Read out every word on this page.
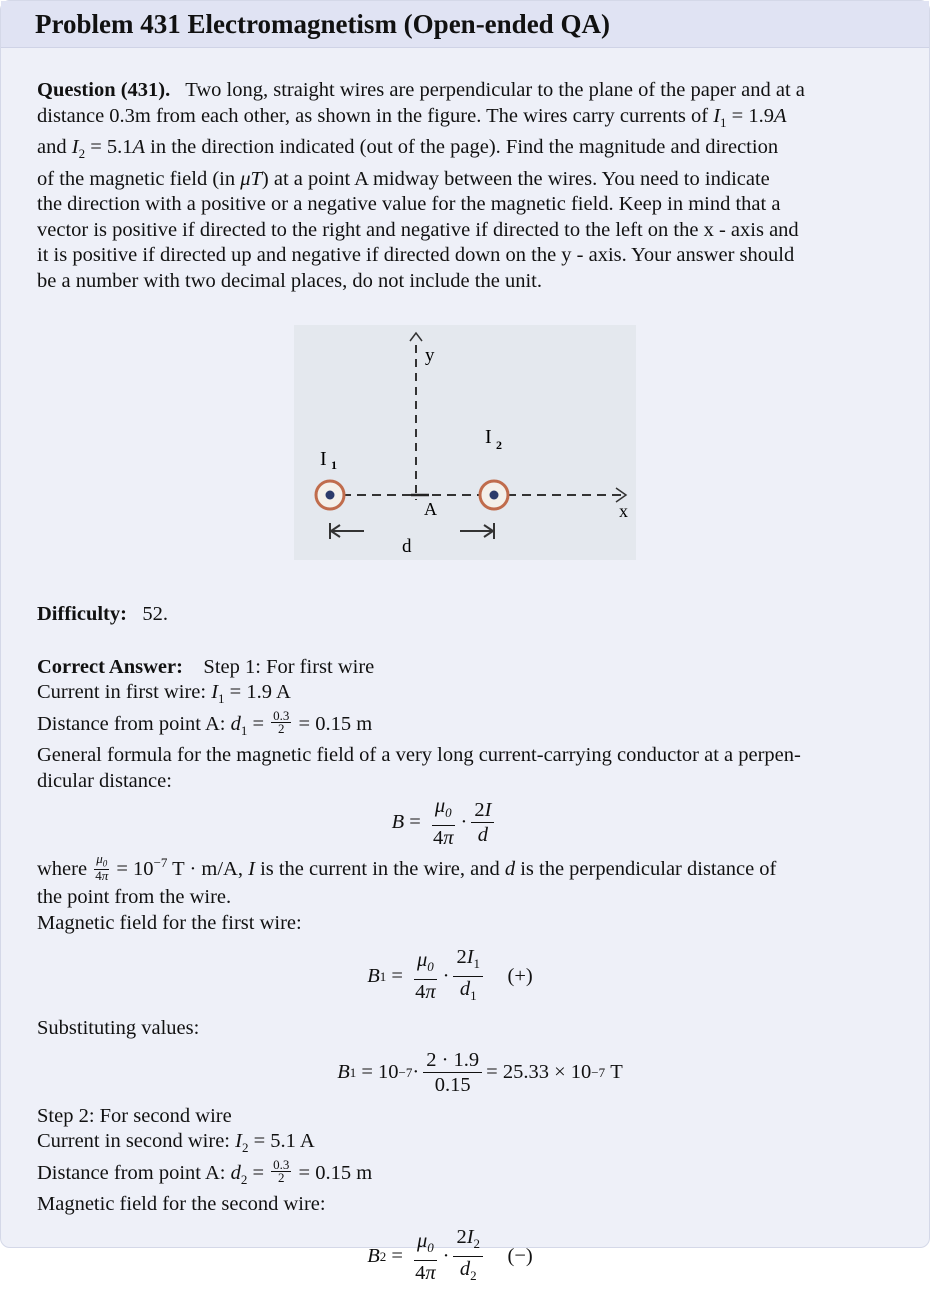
Problem 431 Electromagnetism (Open-ended QA)

Question (431). Two long, straight wires are perpendicular to the plane of the paper and at a

distance 0.3m from each other, as shown in the figure. The wires carry currents of $I_1 = 1.9A$

and $I_2 = 5.1A$ in the direction indicated (out of the page). Find the magnitude and direction

of the magnetic field (in μT) at a point A midway between the wires. You need to indicate

the direction with a positive or a negative value for the magnetic field. Keep in mind that a

vector is positive if directed to the right and negative if directed to the left on the x - axis and

it is positive if directed up and negative if directed down on the y - axis. Your answer should

be a number with two decimal places, do not include the unit.

y
x
I 1
I 2
A
d

Difficulty: 52.

Correct Answer: Step 1: For first wire

Current in first wire: $I_1 = 1.9$ A

Distance from point A: $d_1 = \frac{0.3}{2} = 0.15$ m

General formula for the magnetic field of a very long current-carrying conductor at a perpen-

dicular distance:

$B = \frac{\mu_0}{4\pi} \cdot \frac{2I}{d}$

where $\frac{\mu_0}{4\pi} = 10^{-7}$ T · m/A, I is the current in the wire, and d is the perpendicular distance of

the point from the wire.

Magnetic field for the first wire:

B $1 = \frac{\mu_0}{4\pi} \cdot \frac{2I_1}{d_1}$
(+)

Substituting values:

B $1 = 10 -7 \cdot \frac{2 \cdot 1.9}{0.15} = 25.33 \times 10 -7$ T

Step 2: For second wire

Current in second wire: $I_2 = 5.1$ A

Distance from point A: $d_2 = \frac{0.3}{2} = 0.15$ m

Magnetic field for the second wire:

B $2 = \frac{\mu_0}{4\pi} \cdot \frac{2I_2}{d_2}$
(−)
